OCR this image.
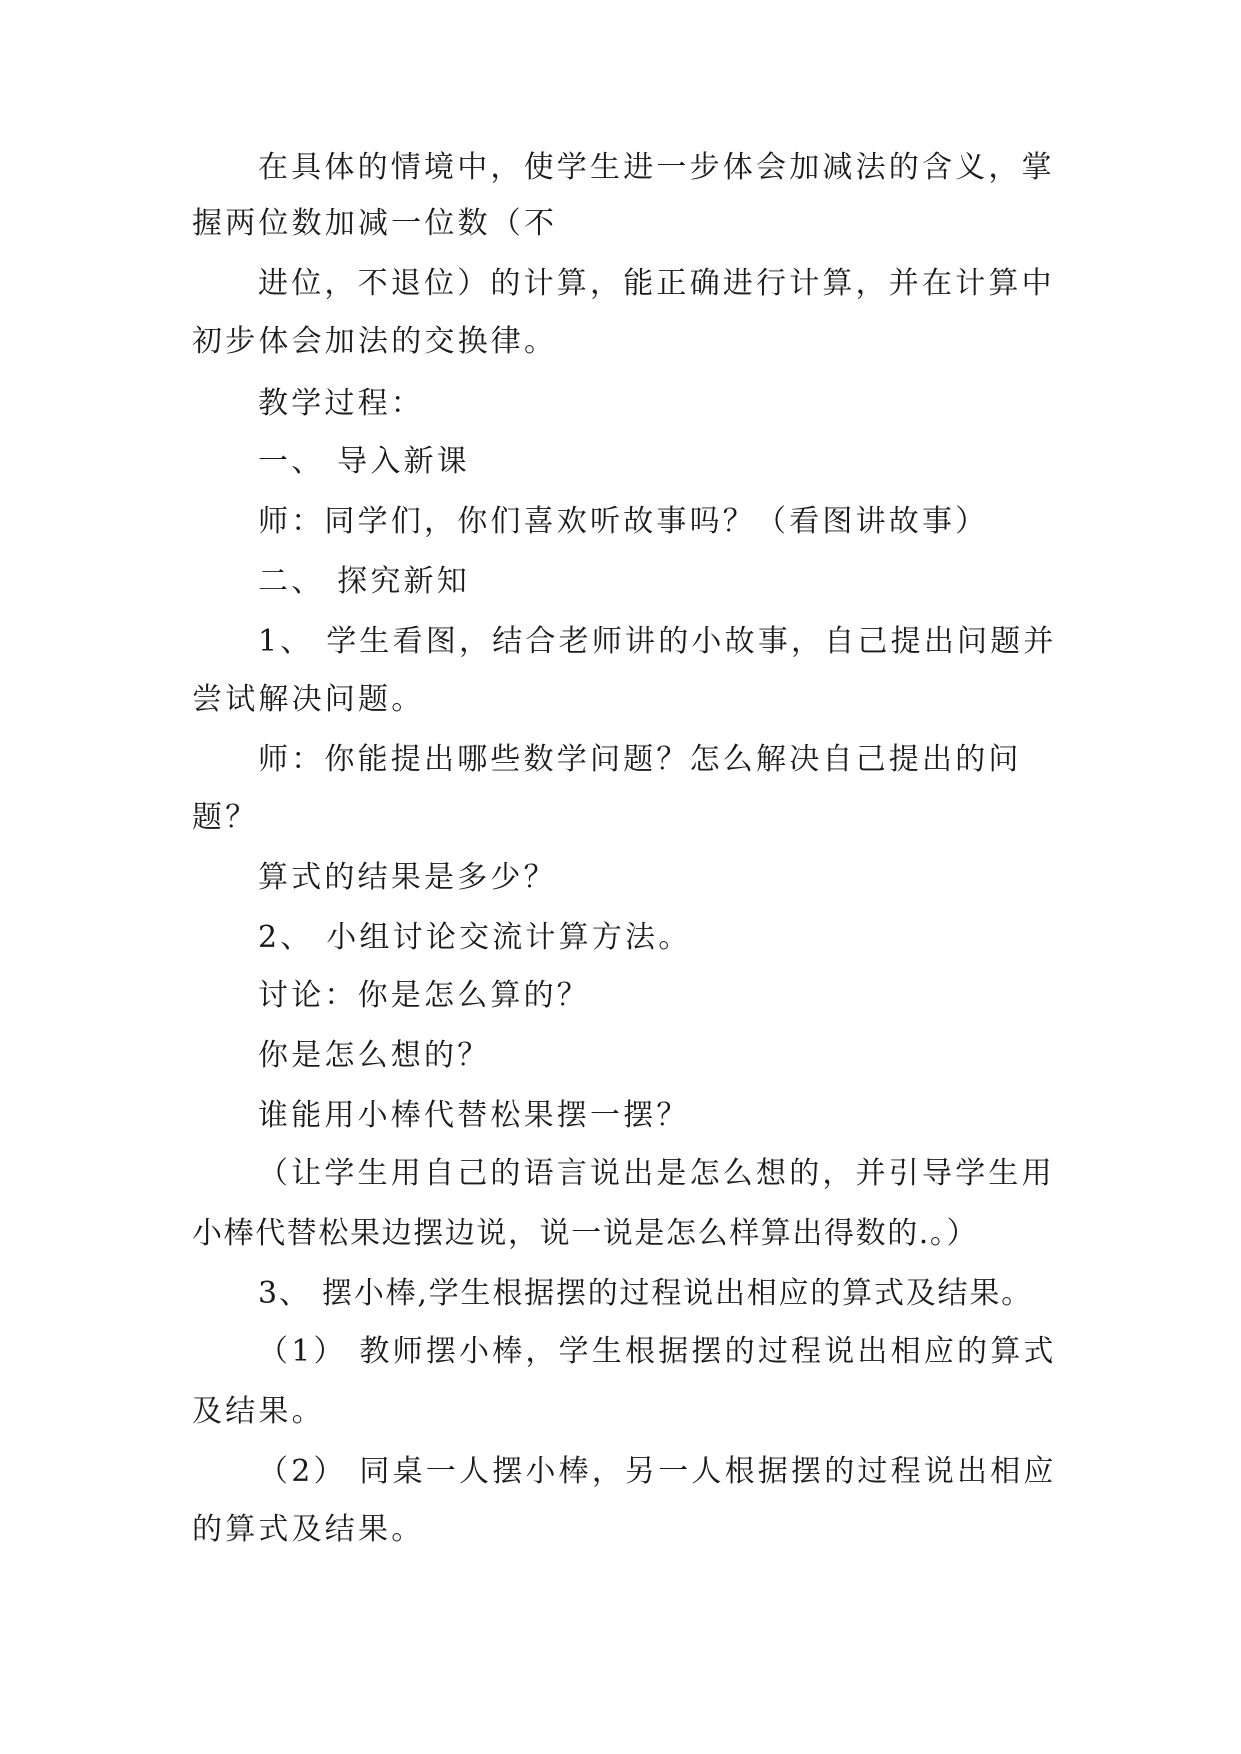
在具体的情境中，使学生进一步体会加减法的含义，掌

握两位数加减一位数（不

进位，不退位）的计算，能正确进行计算，并在计算中

初步体会加法的交换律。

教学过程：

一、 导入新课

师：同学们，你们喜欢听故事吗？（看图讲故事）

二、 探究新知

1、 学生看图，结合老师讲的小故事，自己提出问题并

尝试解决问题。

师：你能提出哪些数学问题？怎么解决自己提出的问

题？

算式的结果是多少？

2、 小组讨论交流计算方法。

讨论：你是怎么算的？

你是怎么想的？

谁能用小棒代替松果摆一摆？

（让学生用自己的语言说出是怎么想的，并引导学生用

小棒代替松果边摆边说，说一说是怎么样算出得数的.。）

3、 摆小棒,学生根据摆的过程说出相应的算式及结果。

（1） 教师摆小棒，学生根据摆的过程说出相应的算式

及结果。

（2） 同桌一人摆小棒，另一人根据摆的过程说出相应

的算式及结果。
